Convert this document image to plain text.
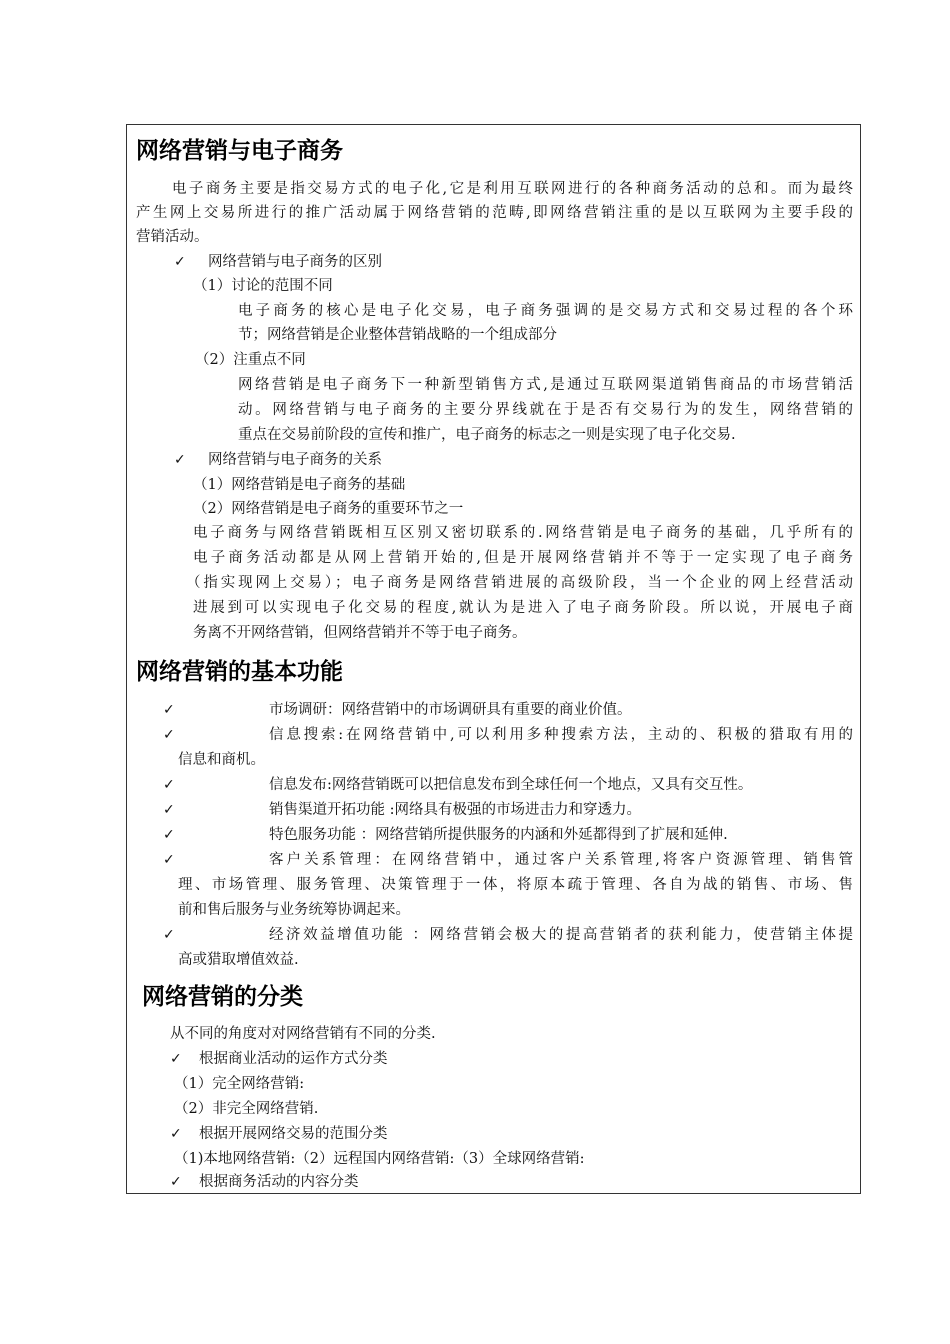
网络营销与电子商务
电子商务主要是指交易方式的电子化,它是利用互联网进行的各种商务活动的总和。而为最终
产生网上交易所进行的推广活动属于网络营销的范畴,即网络营销注重的是以互联网为主要手段的
营销活动。
✓ 网络营销与电子商务的区别
（1）讨论的范围不同
电子商务的核心是电子化交易，电子商务强调的是交易方式和交易过程的各个环
节；网络营销是企业整体营销战略的一个组成部分
（2）注重点不同
网络营销是电子商务下一种新型销售方式,是通过互联网渠道销售商品的市场营销活
动。网络营销与电子商务的主要分界线就在于是否有交易行为的发生，网络营销的
重点在交易前阶段的宣传和推广，电子商务的标志之一则是实现了电子化交易.
✓ 网络营销与电子商务的关系
（1）网络营销是电子商务的基础
（2）网络营销是电子商务的重要环节之一
电子商务与网络营销既相互区别又密切联系的.网络营销是电子商务的基础，几乎所有的
电子商务活动都是从网上营销开始的,但是开展网络营销并不等于一定实现了电子商务
（指实现网上交易）；电子商务是网络营销进展的高级阶段，当一个企业的网上经营活动
进展到可以实现电子化交易的程度,就认为是进入了电子商务阶段。所以说，开展电子商
务离不开网络营销，但网络营销并不等于电子商务。
网络营销的基本功能
✓	市场调研：网络营销中的市场调研具有重要的商业价值。
✓	信息搜索:在网络营销中,可以利用多种搜索方法，主动的、积极的猎取有用的
信息和商机。
✓	信息发布:网络营销既可以把信息发布到全球任何一个地点，又具有交互性。
✓	销售渠道开拓功能 :网络具有极强的市场进击力和穿透力。
✓	特色服务功能 ：网络营销所提供服务的内涵和外延都得到了扩展和延伸.
✓	客户关系管理：在网络营销中，通过客户关系管理,将客户资源管理、销售管
理、市场管理、服务管理、决策管理于一体，将原本疏于管理、各自为战的销售、市场、售
前和售后服务与业务统筹协调起来。
✓	经济效益增值功能 ：网络营销会极大的提高营销者的获利能力，使营销主体提
高或猎取增值效益.
网络营销的分类
从不同的角度对对网络营销有不同的分类.
✓ 根据商业活动的运作方式分类
（1）完全网络营销:
（2）非完全网络营销.
✓ 根据开展网络交易的范围分类
（1)本地网络营销:（2）远程国内网络营销:（3）全球网络营销:
✓ 根据商务活动的内容分类
